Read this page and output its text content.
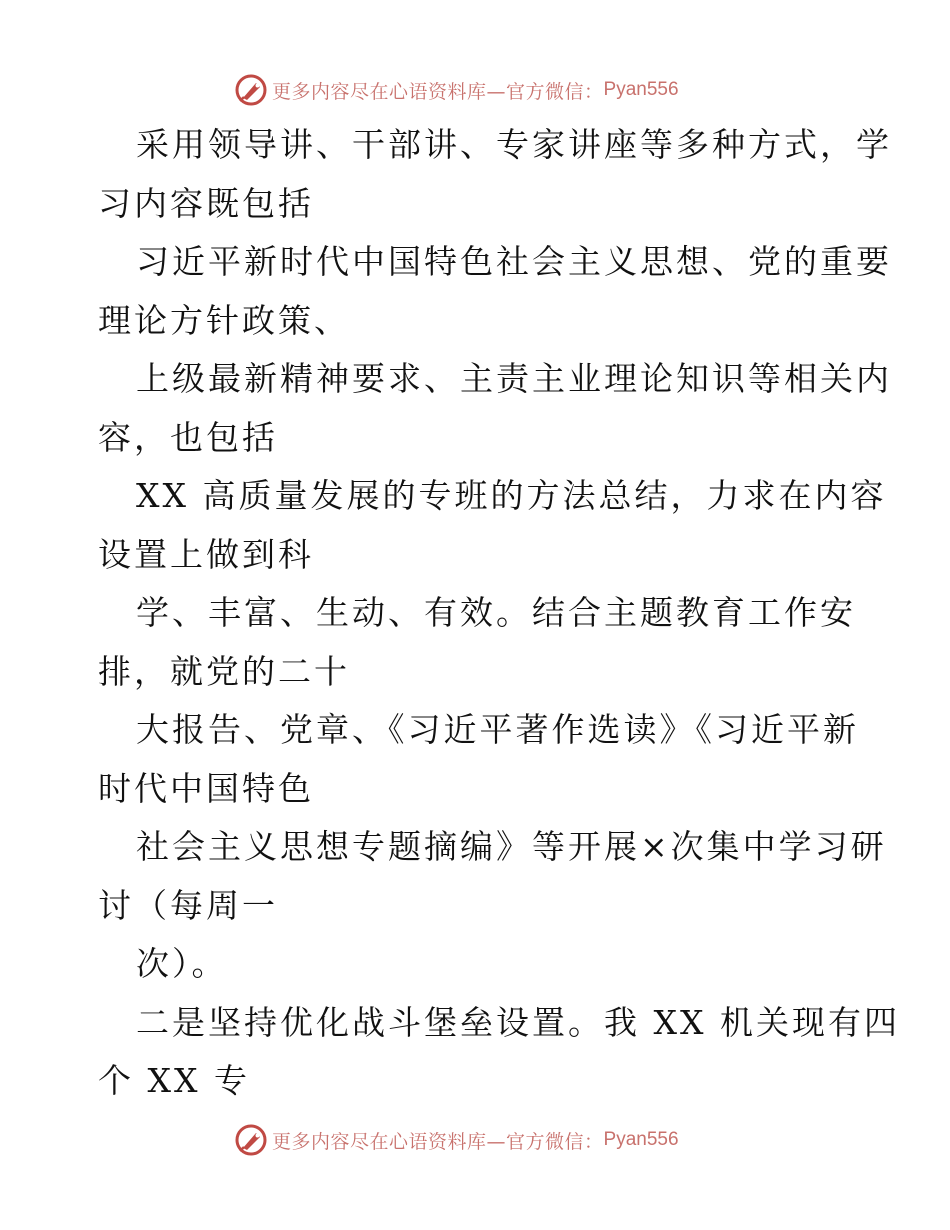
更多内容尽在心语资料库—官方微信： Pyan556
采用领导讲、干部讲、专家讲座等多种方式，学
习内容既包括
习近平新时代中国特色社会主义思想、党的重要
理论方针政策、
上级最新精神要求、主责主业理论知识等相关内
容，也包括
XX 高质量发展的专班的方法总结，力求在内容
设置上做到科
学、丰富、生动、有效。结合主题教育工作安
排，就党的二十
大报告、党章、《习近平著作选读》《习近平新
时代中国特色
社会主义思想专题摘编》等开展×次集中学习研
讨（每周一
次）。
二是坚持优化战斗堡垒设置。我 XX 机关现有四
个 XX 专
更多内容尽在心语资料库—官方微信： Pyan556
